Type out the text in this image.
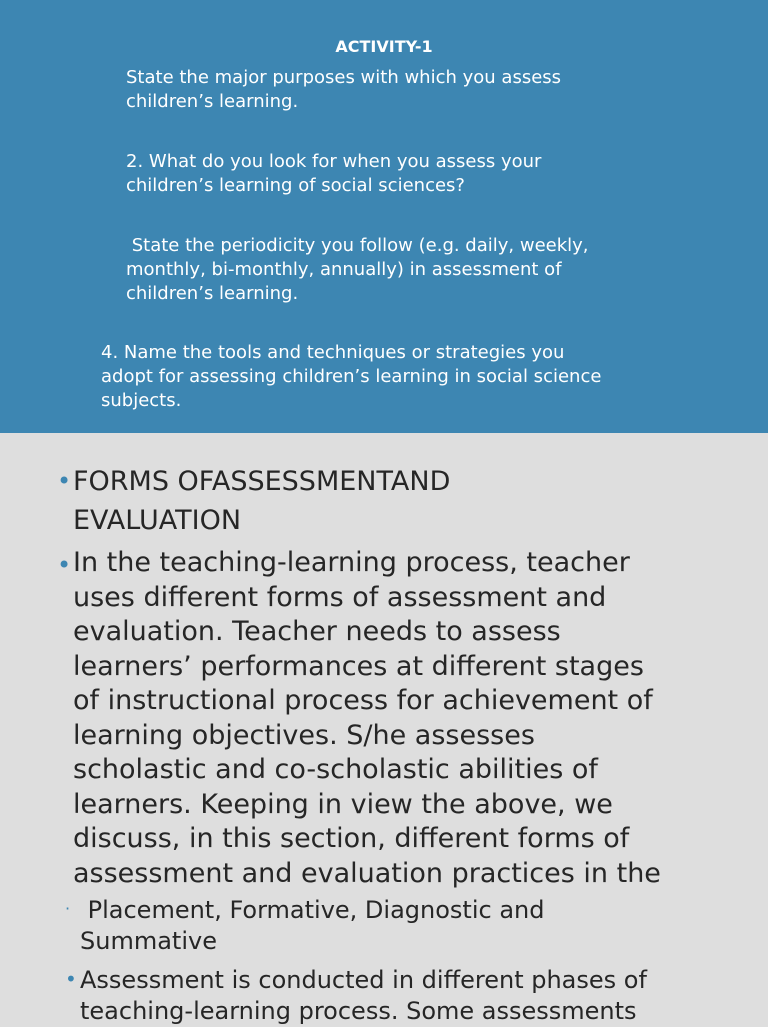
ACTIVITY-1
State the major purposes with which you assess
children’s learning.
2. What do you look for when you assess your
children’s learning of social sciences?
State the periodicity you follow (e.g. daily, weekly,
monthly, bi-monthly, annually) in assessment of
children’s learning.
4. Name the tools and techniques or strategies you
adopt for assessing children’s learning in social science
subjects.
• FORMS OFASSESSMENTAND
EVALUATION
• In the teaching-learning process, teacher
uses different forms of assessment and
evaluation. Teacher needs to assess
learners’ performances at different stages
of instructional process for achievement of
learning objectives. S/he assesses
scholastic and co-scholastic abilities of
learners. Keeping in view the above, we
discuss, in this section, different forms of
assessment and evaluation practices in the
· Placement, Formative, Diagnostic and
Summative
• Assessment is conducted in different phases of
teaching-learning process. Some assessments
